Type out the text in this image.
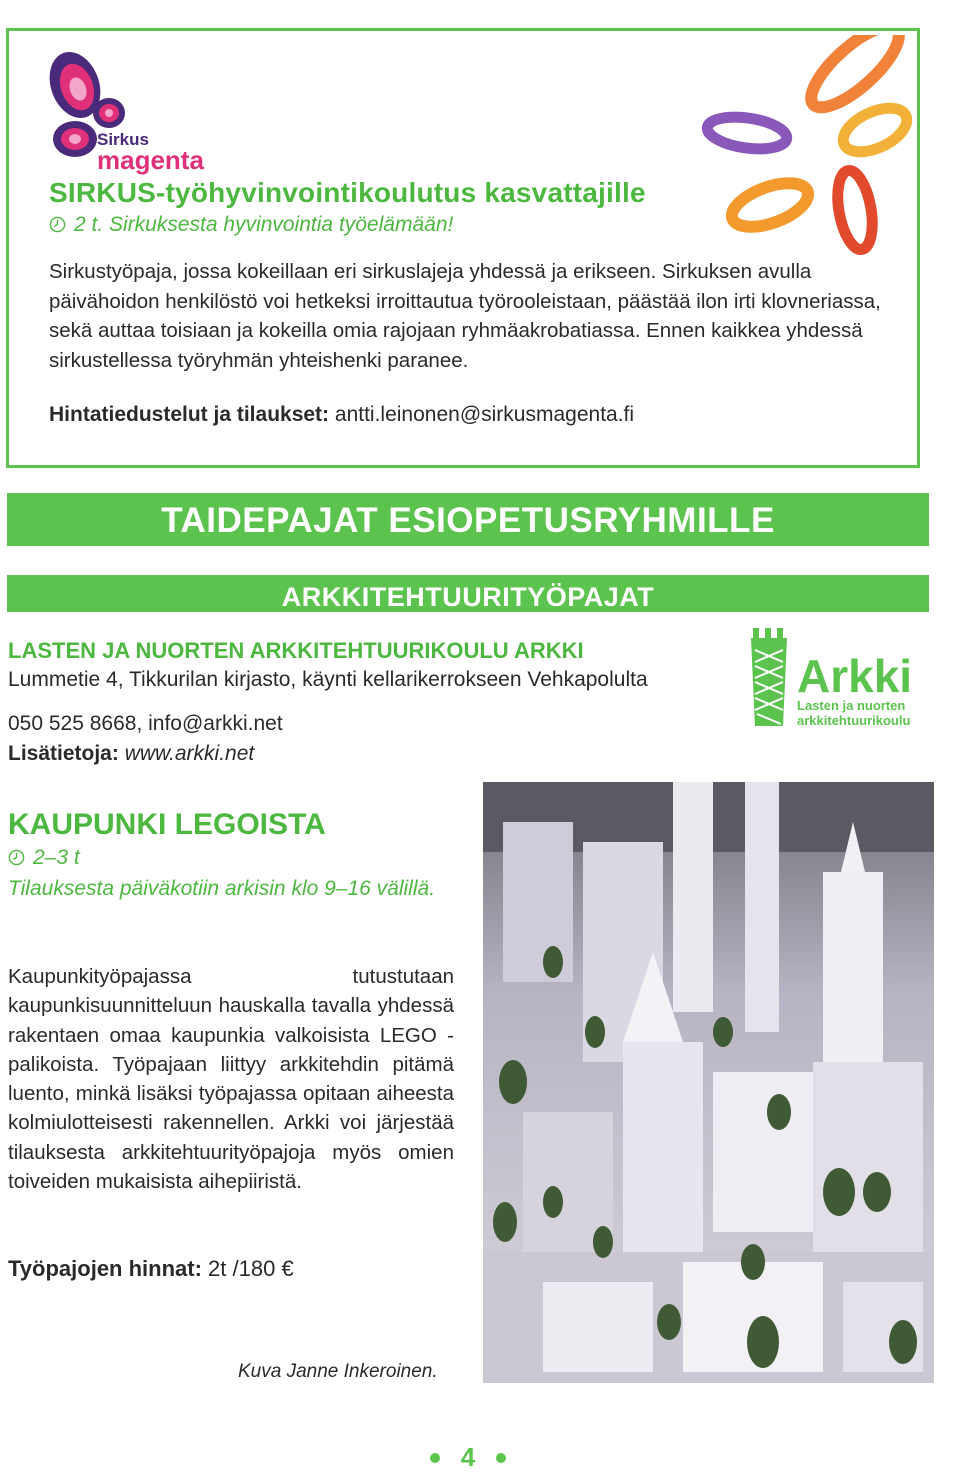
Sirkus
magenta
SIRKUS-työhyvinvointikoulutus kasvattajille
2 t. Sirkuksesta hyvinvointia työelämään!

Sirkustyöpaja, jossa kokeillaan eri sirkuslajeja yhdessä ja erikseen. Sirkuksen avulla päivähoidon henkilöstö voi hetkeksi irroittautua työrooleistaan, päästää ilon irti klovneriassa, sekä auttaa toisiaan ja kokeilla omia rajojaan ryhmäakrobatiassa. Ennen kaikkea yhdessä sirkustellessa työryhmän yhteishenki paranee.

Hintatiedustelut ja tilaukset: antti.leinonen@sirkusmagenta.fi
TAIDEPAJAT ESIOPETUSRYHMILLE
ARKKITEHTUURITYÖPAJAT
LASTEN JA NUORTEN ARKKITEHTUURIKOULU ARKKI
Lummetie 4, Tikkurilan kirjasto, käynti kellarikerrokseen Vehkapolulta
050 525 8668, info@arkki.net
Lisätietoja: www.arkki.net
Arkki
Lasten ja nuorten
arkkitehtuurikoulu
KAUPUNKI LEGOISTA
2–3 t

Tilauksesta päiväkotiin arkisin klo 9–16 välillä.

Kaupunkityöpajassa tutustutaan kaupunkisuunnitteluun hauskalla tavalla yhdessä rakentaen omaa kaupunkia valkoisista LEGO -palikoista. Työpajaan liittyy arkkitehdin pitämä luento, minkä lisäksi työpajassa opitaan aiheesta kolmiulotteisesti rakennellen. Arkki voi järjestää tilauksesta arkkitehtuurityöpajoja myös omien toiveiden mukaisista aihepiiristä.

Työpajojen hinnat: 2t /180 €
Kuva Janne Inkeroinen.
4
